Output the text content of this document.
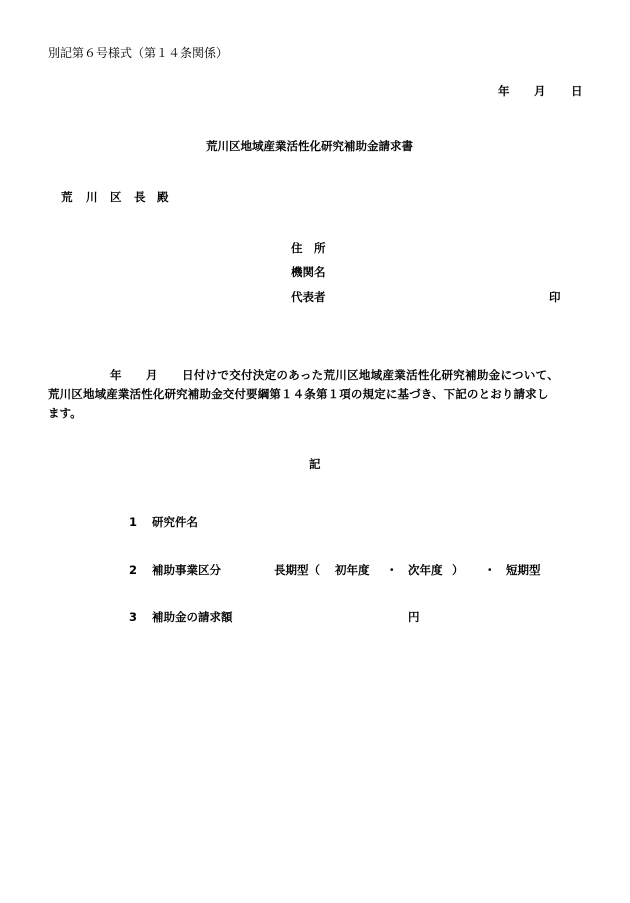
別記第６号様式（第１４条関係）
年 月 日
荒川区地域産業活性化研究補助金請求書
荒 川 区 長 殿
住　所
機関名
代表者	印
年 月 日付けで交付決定のあった荒川区地域産業活性化研究補助金について、
荒川区地域産業活性化研究補助金交付要綱第１４条第１項の規定に基づき、下記のとおり請求し
ます。
記
1 研究件名
2 補助事業区分	長期型（ 初年度 ・ 次年度 ） ・ 短期型
3 補助金の請求額	円
